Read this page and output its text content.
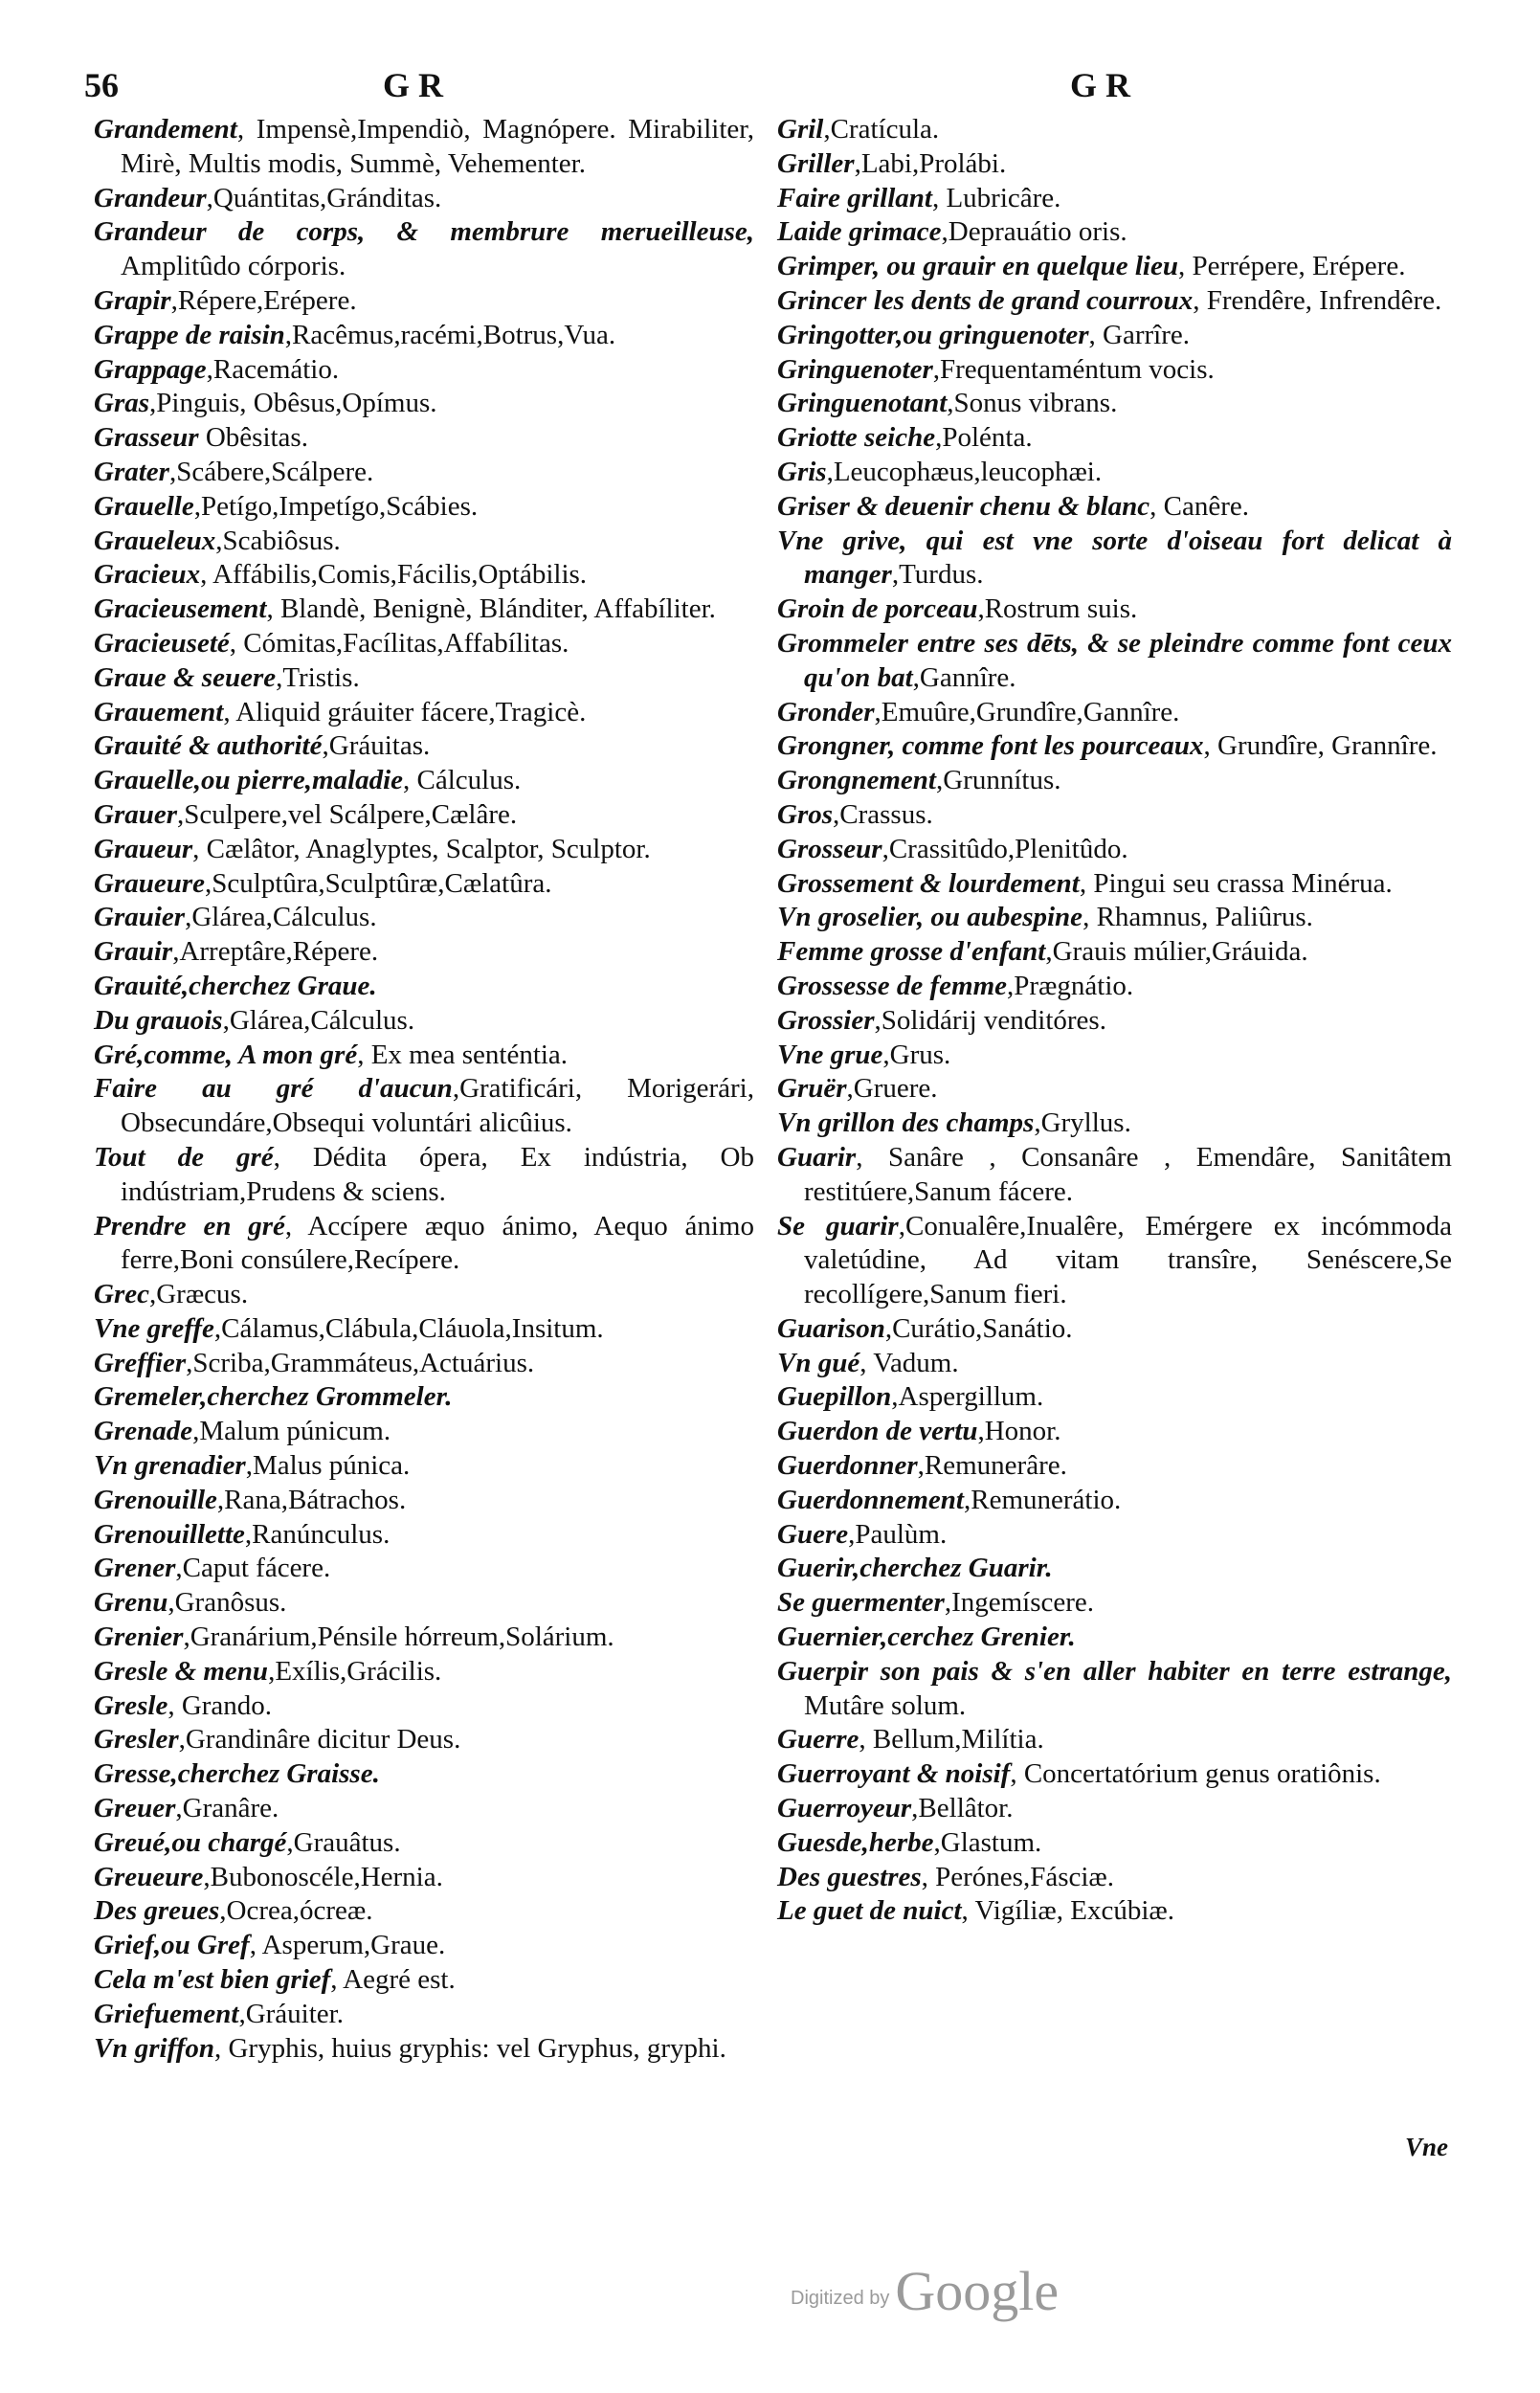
56	G R	G R

Grandement, Impensè,Impendiò, Magnópere. Mirabiliter, Mirè, Multis modis, Summè, Vehementer.

Grandeur,Quántitas,Gránditas.

Grandeur de corps, & membrure merueilleuse, Amplitûdo córporis.

Grapir,Répere,Erépere.

Grappe de raisin,Racêmus,racémi,Botrus,Vua.

Grappage,Racemátio.

Gras,Pinguis, Obêsus,Opímus.

Grasseur Obêsitas.

Grater,Scábere,Scálpere.

Grauelle,Petígo,Impetígo,Scábies.

Graueleux,Scabiôsus.

Gracieux, Affábilis,Comis,Fácilis,Optábilis.

Gracieusement, Blandè, Benignè, Blánditer, Affabíliter.

Gracieuseté, Cómitas,Facílitas,Affabílitas.

Graue & seuere,Tristis.

Grauement, Aliquid gráuiter fácere,Tragicè.

Grauité & authorité,Gráuitas.

Grauelle,ou pierre,maladie, Cálculus.

Grauer,Sculpere,vel Scálpere,Cælâre.

Graueur, Cælâtor, Anaglyptes, Scalptor, Sculptor.

Graueure,Sculptûra,Sculptûræ,Cælatûra.

Grauier,Glárea,Cálculus.

Grauir,Arreptâre,Répere.

Grauité,cherchez Graue.

Du grauois,Glárea,Cálculus.

Gré,comme, A mon gré, Ex mea senténtia.

Faire au gré d'aucun,Gratificári, Morigerári, Obsecundáre,Obsequi voluntári alicûius.

Tout de gré, Dédita ópera, Ex indústria, Ob indústriam,Prudens & sciens.

Prendre en gré, Accípere æquo ánimo, Aequo ánimo ferre,Boni consúlere,Recípere.

Grec,Græcus.

Vne greffe,Cálamus,Clábula,Cláuola,Insitum.

Greffier,Scriba,Grammáteus,Actuárius.

Gremeler,cherchez Grommeler.

Grenade,Malum púnicum.

Vn grenadier,Malus púnica.

Grenouille,Rana,Bátrachos.

Grenouillette,Ranúnculus.

Grener,Caput fácere.

Grenu,Granôsus.

Grenier,Granárium,Pénsile hórreum,Solárium.

Gresle & menu,Exílis,Grácilis.

Gresle, Grando.

Gresler,Grandinâre dicitur Deus.

Gresse,cherchez Graisse.

Greuer,Granâre.

Greué,ou chargé,Grauâtus.

Greueure,Bubonoscéle,Hernia.

Des greues,Ocrea,ócreæ.

Grief,ou Gref, Asperum,Graue.

Cela m'est bien grief, Aegré est.

Griefuement,Gráuiter.

Vn griffon, Gryphis, huius gryphis: vel Gryphus, gryphi.

Gril,Cratícula.

Griller,Labi,Prolábi.

Faire grillant, Lubricâre.

Laide grimace,Deprauátio oris.

Grimper, ou grauir en quelque lieu, Perrépere, Erépere.

Grincer les dents de grand courroux, Frendêre, Infrendêre.

Gringotter,ou gringuenoter, Garrîre.

Gringuenoter,Frequentaméntum vocis.

Gringuenotant,Sonus vibrans.

Griotte seiche,Polénta.

Gris,Leucophæus,leucophæi.

Griser & deuenir chenu & blanc, Canêre.

Vne grive, qui est vne sorte d'oiseau fort delicat à manger,Turdus.

Groin de porceau,Rostrum suis.

Grommeler entre ses dēts, & se pleindre comme font ceux qu'on bat,Gannîre.

Gronder,Emuûre,Grundîre,Gannîre.

Grongner, comme font les pourceaux, Grundîre, Grannîre.

Grongnement,Grunnítus.

Gros,Crassus.

Grosseur,Crassitûdo,Plenitûdo.

Grossement & lourdement, Pingui seu crassa Minérua.

Vn groselier, ou aubespine, Rhamnus, Paliûrus.

Femme grosse d'enfant,Grauis múlier,Gráuida.

Grossesse de femme,Prægnátio.

Grossier,Solidárij venditóres.

Vne grue,Grus.

Gruër,Gruere.

Vn grillon des champs,Gryllus.

Guarir, Sanâre , Consanâre , Emendâre, Sanitâtem restitúere,Sanum fácere.

Se guarir,Conualêre,Inualêre, Emérgere ex incómmoda valetúdine, Ad vitam transîre, Senéscere,Se recollígere,Sanum fieri.

Guarison,Curátio,Sanátio.

Vn gué, Vadum.

Guepillon,Aspergillum.

Guerdon de vertu,Honor.

Guerdonner,Remunerâre.

Guerdonnement,Remunerátio.

Guere,Paulùm.

Guerir,cherchez Guarir.

Se guermenter,Ingemíscere.

Guernier,cerchez Grenier.

Guerpir son pais & s'en aller habiter en terre estrange, Mutâre solum.

Guerre, Bellum,Milítia.

Guerroyant & noisif, Concertatórium genus oratiônis.

Guerroyeur,Bellâtor.

Guesde,herbe,Glastum.

Des guestres, Perónes,Fásciæ.

Le guet de nuict, Vigíliæ, Excúbiæ.

Vne
Digitized by Google
